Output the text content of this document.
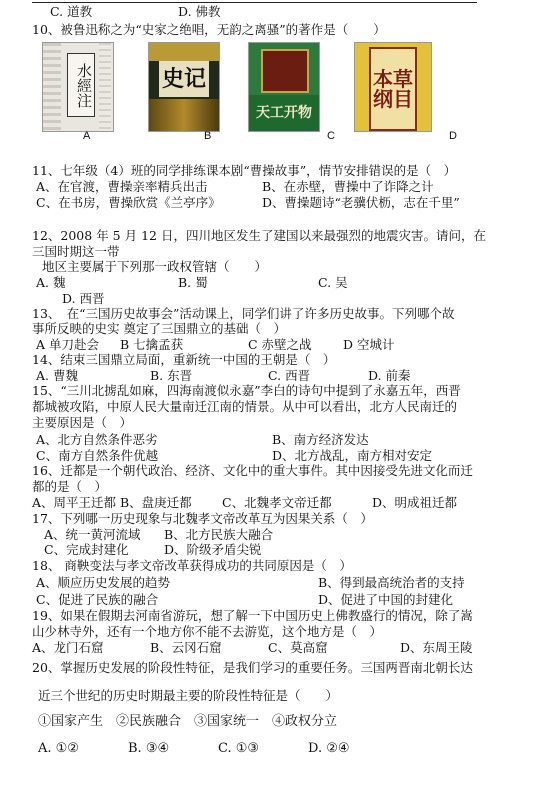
C. 道教	D. 佛教
10、被鲁迅称之为“史家之绝唱，无韵之离骚”的著作是（　　）
水經注	史记
天工开物
本草纲目
A	B	C	D
11、七年级（4）班的同学排练课本剧“曹操故事”，情节安排错误的是（　）
A、在官渡，曹操亲率精兵出击	B、在赤壁，曹操中了诈降之计
C、在书房，曹操欣赏《兰亭序》	D、曹操题诗“老骥伏枥，志在千里”
12、2008 年 5 月 12 日，四川地区发生了建国以来最强烈的地震灾害。请问，在
三国时期这一带
地区主要属于下列那一政权管辖（　　）
A. 魏	B. 蜀	C. 吴
D. 西晋
13、　在“三国历史故事会”活动课上，同学们讲了许多历史故事。下列哪个故
事所反映的史实 奠定了三国鼎立的基础（　）
A 单刀赴会 B 七擒孟获	C 赤壁之战	D 空城计
14、结束三国鼎立局面，重新统一中国的王朝是（　）
A. 曹魏	B. 东晋	C. 西晋	D. 前秦
15、“三川北掳乱如麻，四海南渡似永嘉”李白的诗句中提到了永嘉五年，西晋
都城被攻陷，中原人民大量南迁江南的情景。从中可以看出，北方人民南迁的
主要原因是（　）
A、北方自然条件恶劣	B、南方经济发达
C、南方自然条件优越	D、北方战乱，南方相对安定
16、迁都是一个朝代政治、经济、文化中的重大事件。其中因接受先进文化而迁
都的是（　）
A、周平王迁都 B、盘庚迁都 C、北魏孝文帝迁都	D、明成祖迁都
17、下列哪一历史现象与北魏孝文帝改革互为因果关系（　）
A、统一黄河流域 B、北方民族大融合
C、完成封建化	D、阶级矛盾尖锐
18、 商鞅变法与孝文帝改革获得成功的共同原因是（　）
A、顺应历史发展的趋势	B、得到最高统治者的支持
C、促进了民族的融合	D、促进了中国的封建化
19、如果在假期去河南省游玩，想了解一下中国历史上佛教盛行的情况，除了嵩
山少林寺外，还有一个地方你不能不去游览，这个地方是（　）
A、龙门石窟	B、云冈石窟	C、莫高窟	D、东周王陵
20、掌握历史发展的阶段性特征，是我们学习的重要任务。三国两晋南北朝长达
近三个世纪的历史时期最主要的阶段性特征是（　　）
①国家产生　②民族融合　③国家统一　④政权分立
A. ①②	B. ③④	C. ①③	D. ②④
